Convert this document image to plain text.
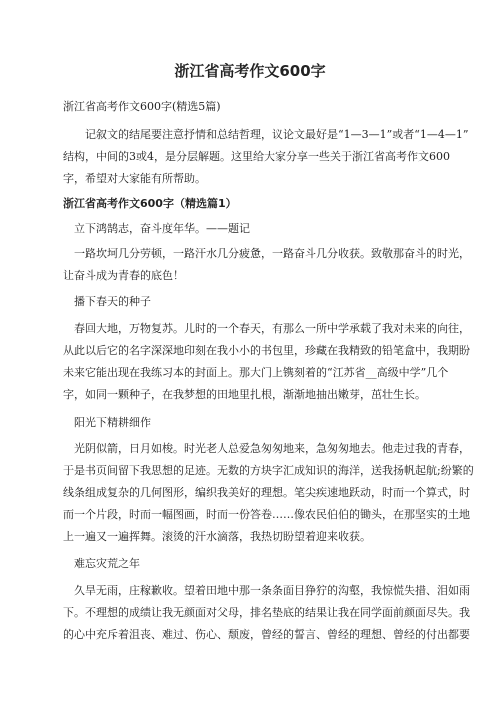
浙江省高考作文600字

浙江省高考作文600字(精选5篇)

记叙文的结尾要注意抒情和总结哲理，议论文最好是“1—3—1”或者“1—4—1”
结构，中间的3或4，是分层解题。这里给大家分享一些关于浙江省高考作文600
字，希望对大家能有所帮助。

浙江省高考作文600字（精选篇1）

立下鸿鹄志，奋斗度年华。——题记

一路坎坷几分劳顿，一路汗水几分疲惫，一路奋斗几分收获。致敬那奋斗的时光，
让奋斗成为青春的底色！

播下春天的种子

春回大地，万物复苏。儿时的一个春天，有那么一所中学承载了我对未来的向往，
从此以后它的名字深深地印刻在我小小的书包里，珍藏在我精致的铅笔盒中，我期盼
未来它能出现在我练习本的封面上。那大门上镌刻着的“江苏省__高级中学”几个
字，如同一颗种子，在我梦想的田地里扎根，渐渐地抽出嫩芽，茁壮生长。

阳光下精耕细作

光阴似箭，日月如梭。时光老人总爱急匆匆地来，急匆匆地去。他走过我的青春，
于是书页间留下我思想的足迹。无数的方块字汇成知识的海洋，送我扬帆起航;纷繁的
线条组成复杂的几何图形，编织我美好的理想。笔尖疾速地跃动，时而一个算式，时
而一个片段，时而一幅图画，时而一份答卷……像农民伯伯的锄头，在那坚实的土地
上一遍又一遍挥舞。滚烫的汗水滴落，我热切盼望着迎来收获。

难忘灾荒之年

久旱无雨，庄稼歉收。望着田地中那一条条面目狰狞的沟壑，我惊慌失措、泪如雨
下。不理想的成绩让我无颜面对父母，排名垫底的结果让我在同学面前颜面尽失。我
的心中充斥着沮丧、难过、伤心、颓废，曾经的誓言、曾经的理想、曾经的付出都要
